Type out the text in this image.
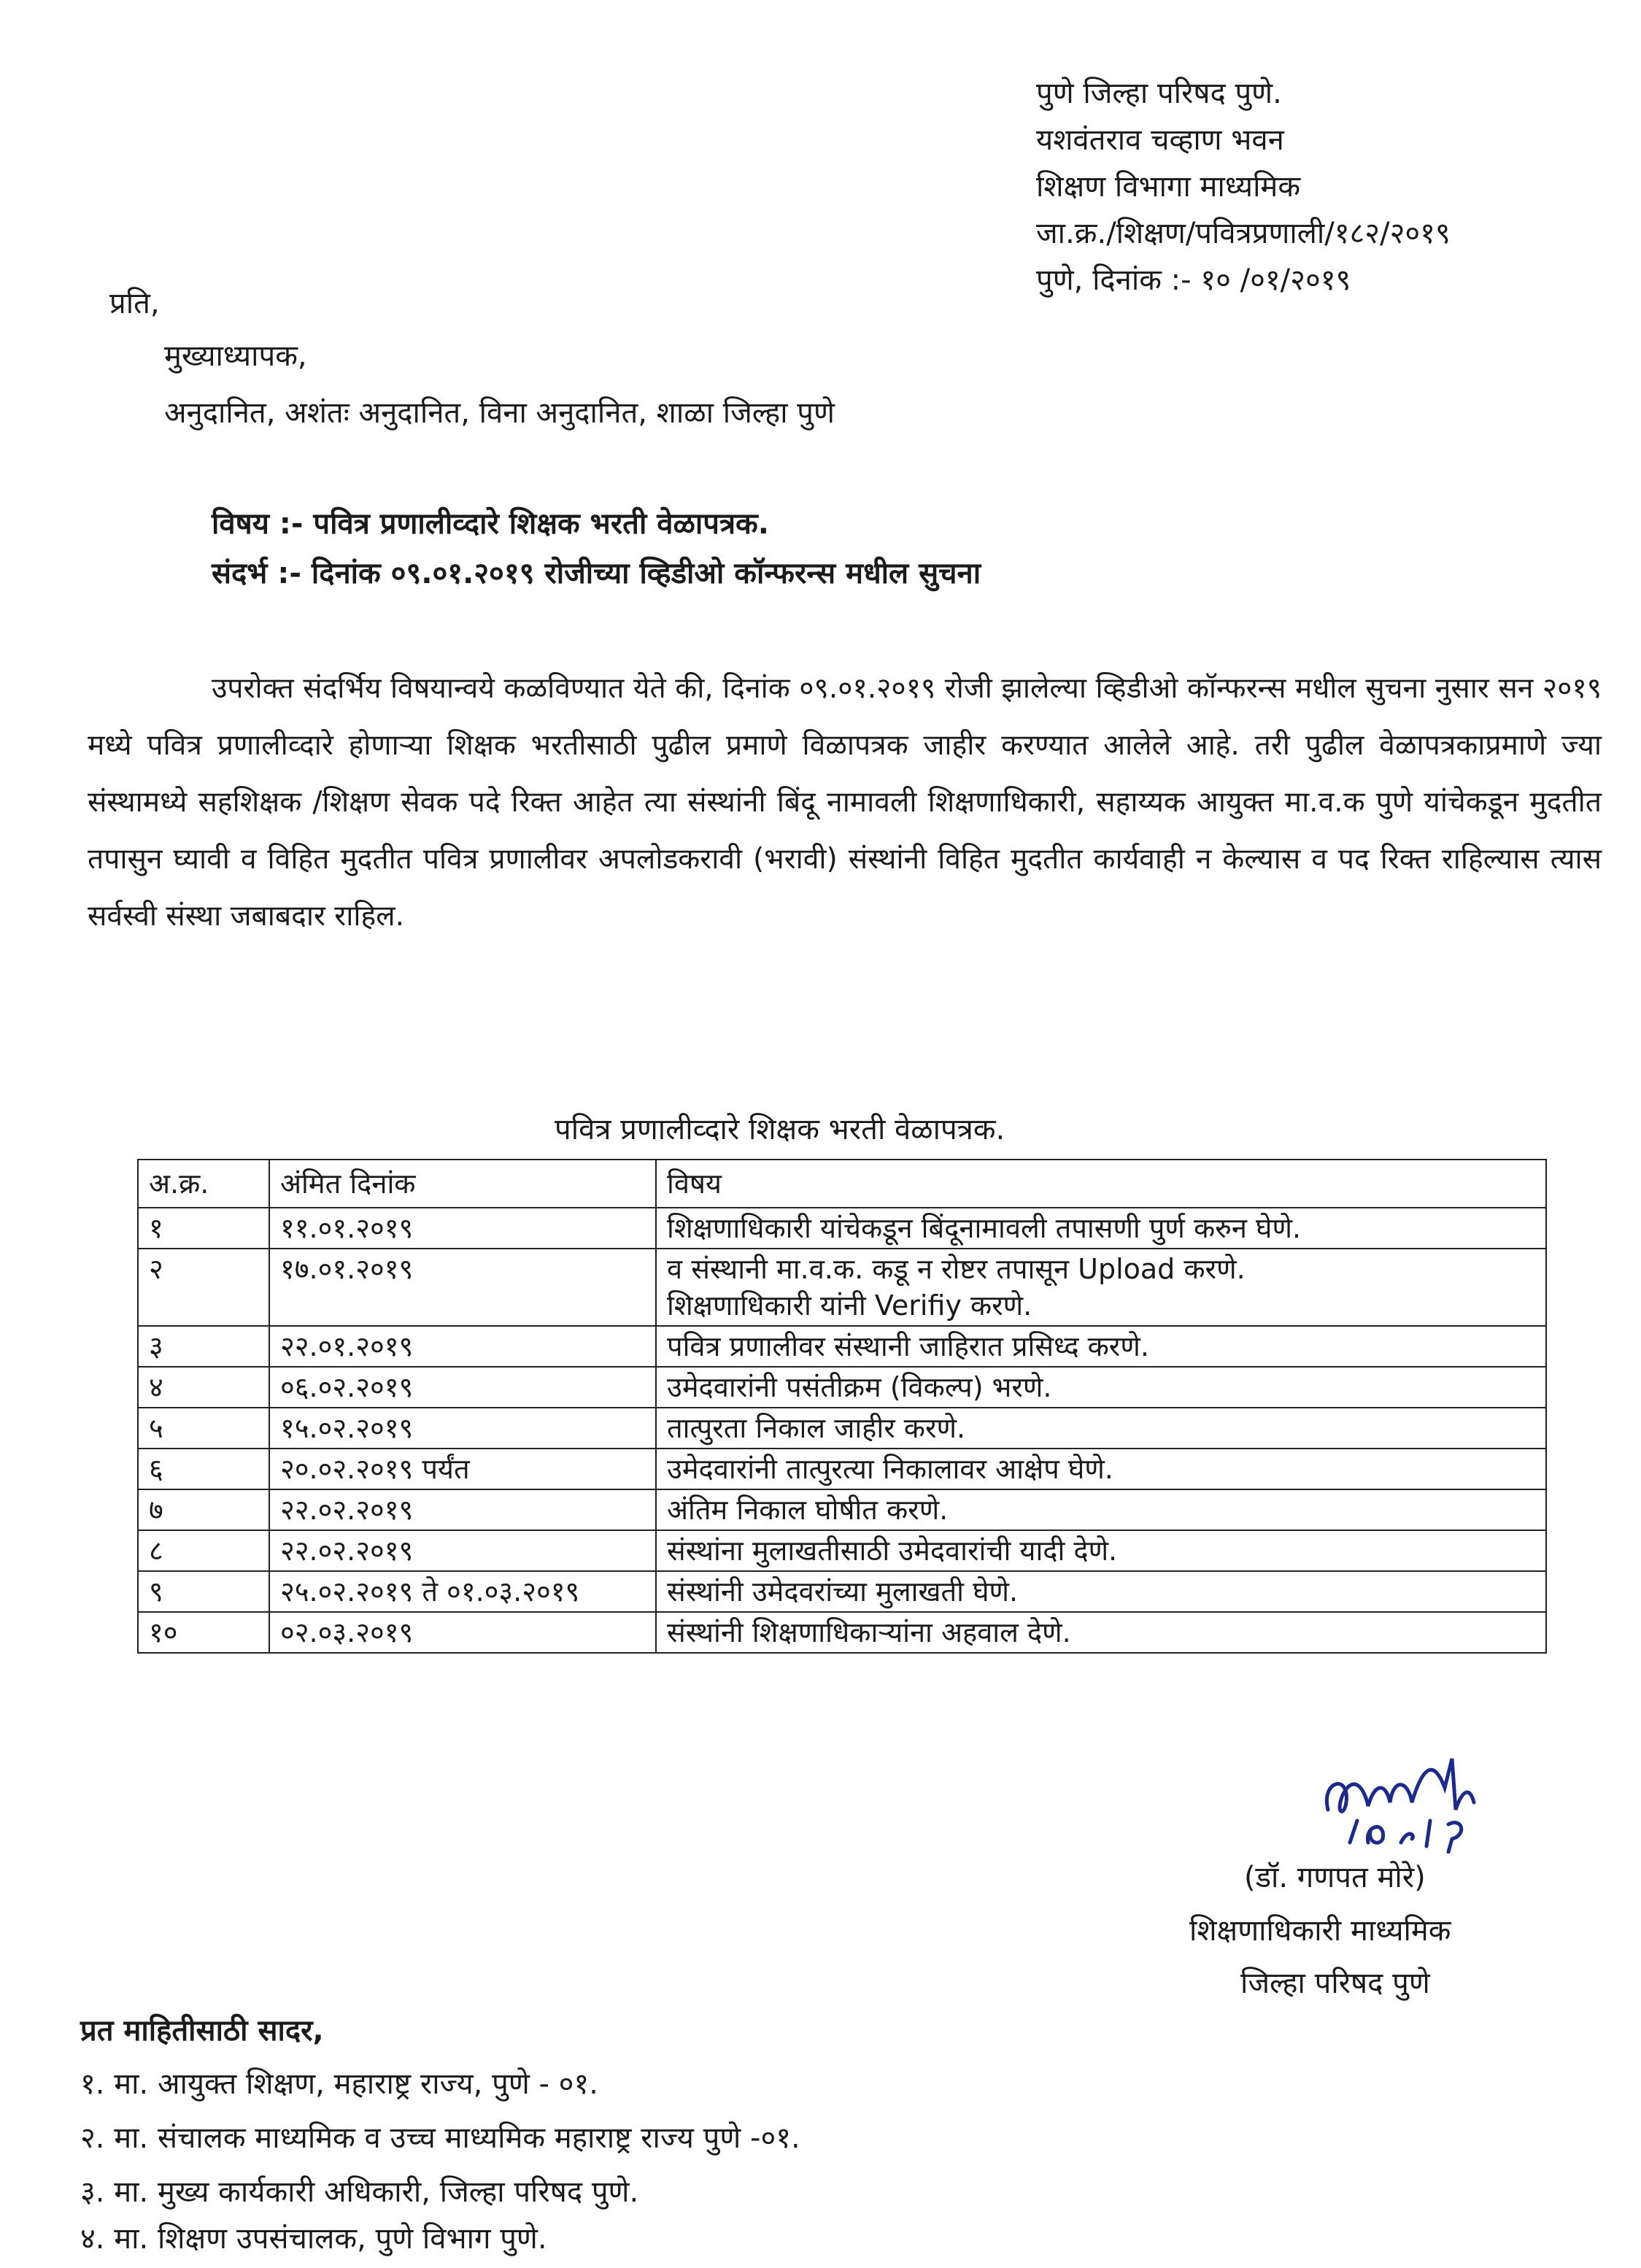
पुणे जिल्हा परिषद पुणे.
यशवंतराव चव्हाण भवन
शिक्षण विभागा माध्यमिक
जा.क्र./शिक्षण/पवित्रप्रणाली/१८२/२०१९
पुणे, दिनांक :- १० /०१/२०१९
प्रति,
मुख्याध्यापक,
अनुदानित, अशंतः अनुदानित, विना अनुदानित, शाळा जिल्हा पुणे
विषय :- पवित्र प्रणालीव्दारे शिक्षक भरती वेळापत्रक.
संदर्भ :- दिनांक ०९.०१.२०१९ रोजीच्या व्हिडीओ कॉन्फरन्स मधील सुचना
उपरोक्त संदर्भिय विषयान्वये कळविण्यात येते की, दिनांक ०९.०१.२०१९ रोजी झालेल्या व्हिडीओ कॉन्फरन्स मधील सुचना नुसार सन २०१९ मध्ये पवित्र प्रणालीव्दारे होणाऱ्या शिक्षक भरतीसाठी पुढील प्रमाणे विळापत्रक जाहीर करण्यात आलेले आहे. तरी पुढील वेळापत्रकाप्रमाणे ज्या संस्थामध्ये सहशिक्षक /शिक्षण सेवक पदे रिक्त आहेत त्या संस्थांनी बिंदू नामावली शिक्षणाधिकारी, सहाय्यक आयुक्त मा.व.क पुणे यांचेकडून मुदतीत तपासुन घ्यावी व विहित मुदतीत पवित्र प्रणालीवर अपलोडकरावी (भरावी) संस्थांनी विहित मुदतीत कार्यवाही न केल्यास व पद रिक्त राहिल्यास त्यास सर्वस्वी संस्था जबाबदार राहिल.
पवित्र प्रणालीव्दारे शिक्षक भरती वेळापत्रक.
अ.क्र.	अंमित दिनांक	विषय
१	११.०१.२०१९	शिक्षणाधिकारी यांचेकडून बिंदूनामावली तपासणी पुर्ण करुन घेणे.
२	१७.०१.२०१९	व संस्थानी मा.व.क. कडू न रोष्टर तपासून Upload करणे.
शिक्षणाधिकारी यांनी Verifiy करणे.

३	२२.०१.२०१९	पवित्र प्रणालीवर संस्थानी जाहिरात प्रसिध्द करणे.
४	०६.०२.२०१९	उमेदवारांनी पसंतीक्रम (विकल्प) भरणे.
५	१५.०२.२०१९	तात्पुरता निकाल जाहीर करणे.
६	२०.०२.२०१९ पर्यंत	उमेदवारांनी तात्पुरत्या निकालावर आक्षेप घेणे.
७	२२.०२.२०१९	अंतिम निकाल घोषीत करणे.
८	२२.०२.२०१९	संस्थांना मुलाखतीसाठी उमेदवारांची यादी देणे.
९	२५.०२.२०१९ ते ०१.०३.२०१९	संस्थांनी उमेदवरांच्या मुलाखती घेणे.
१०	०२.०३.२०१९	संस्थांनी शिक्षणाधिकाऱ्यांना अहवाल देणे.
(डॉ. गणपत मोरे)
शिक्षणाधिकारी माध्यमिक
जिल्हा परिषद पुणे
प्रत माहितीसाठी सादर,
१. मा. आयुक्त शिक्षण, महाराष्ट्र राज्य, पुणे - ०१.
२. मा. संचालक माध्यमिक व उच्च माध्यमिक महाराष्ट्र राज्य पुणे -०१.
३. मा. मुख्य कार्यकारी अधिकारी, जिल्हा परिषद पुणे.
४. मा. शिक्षण उपसंचालक, पुणे विभाग पुणे.
